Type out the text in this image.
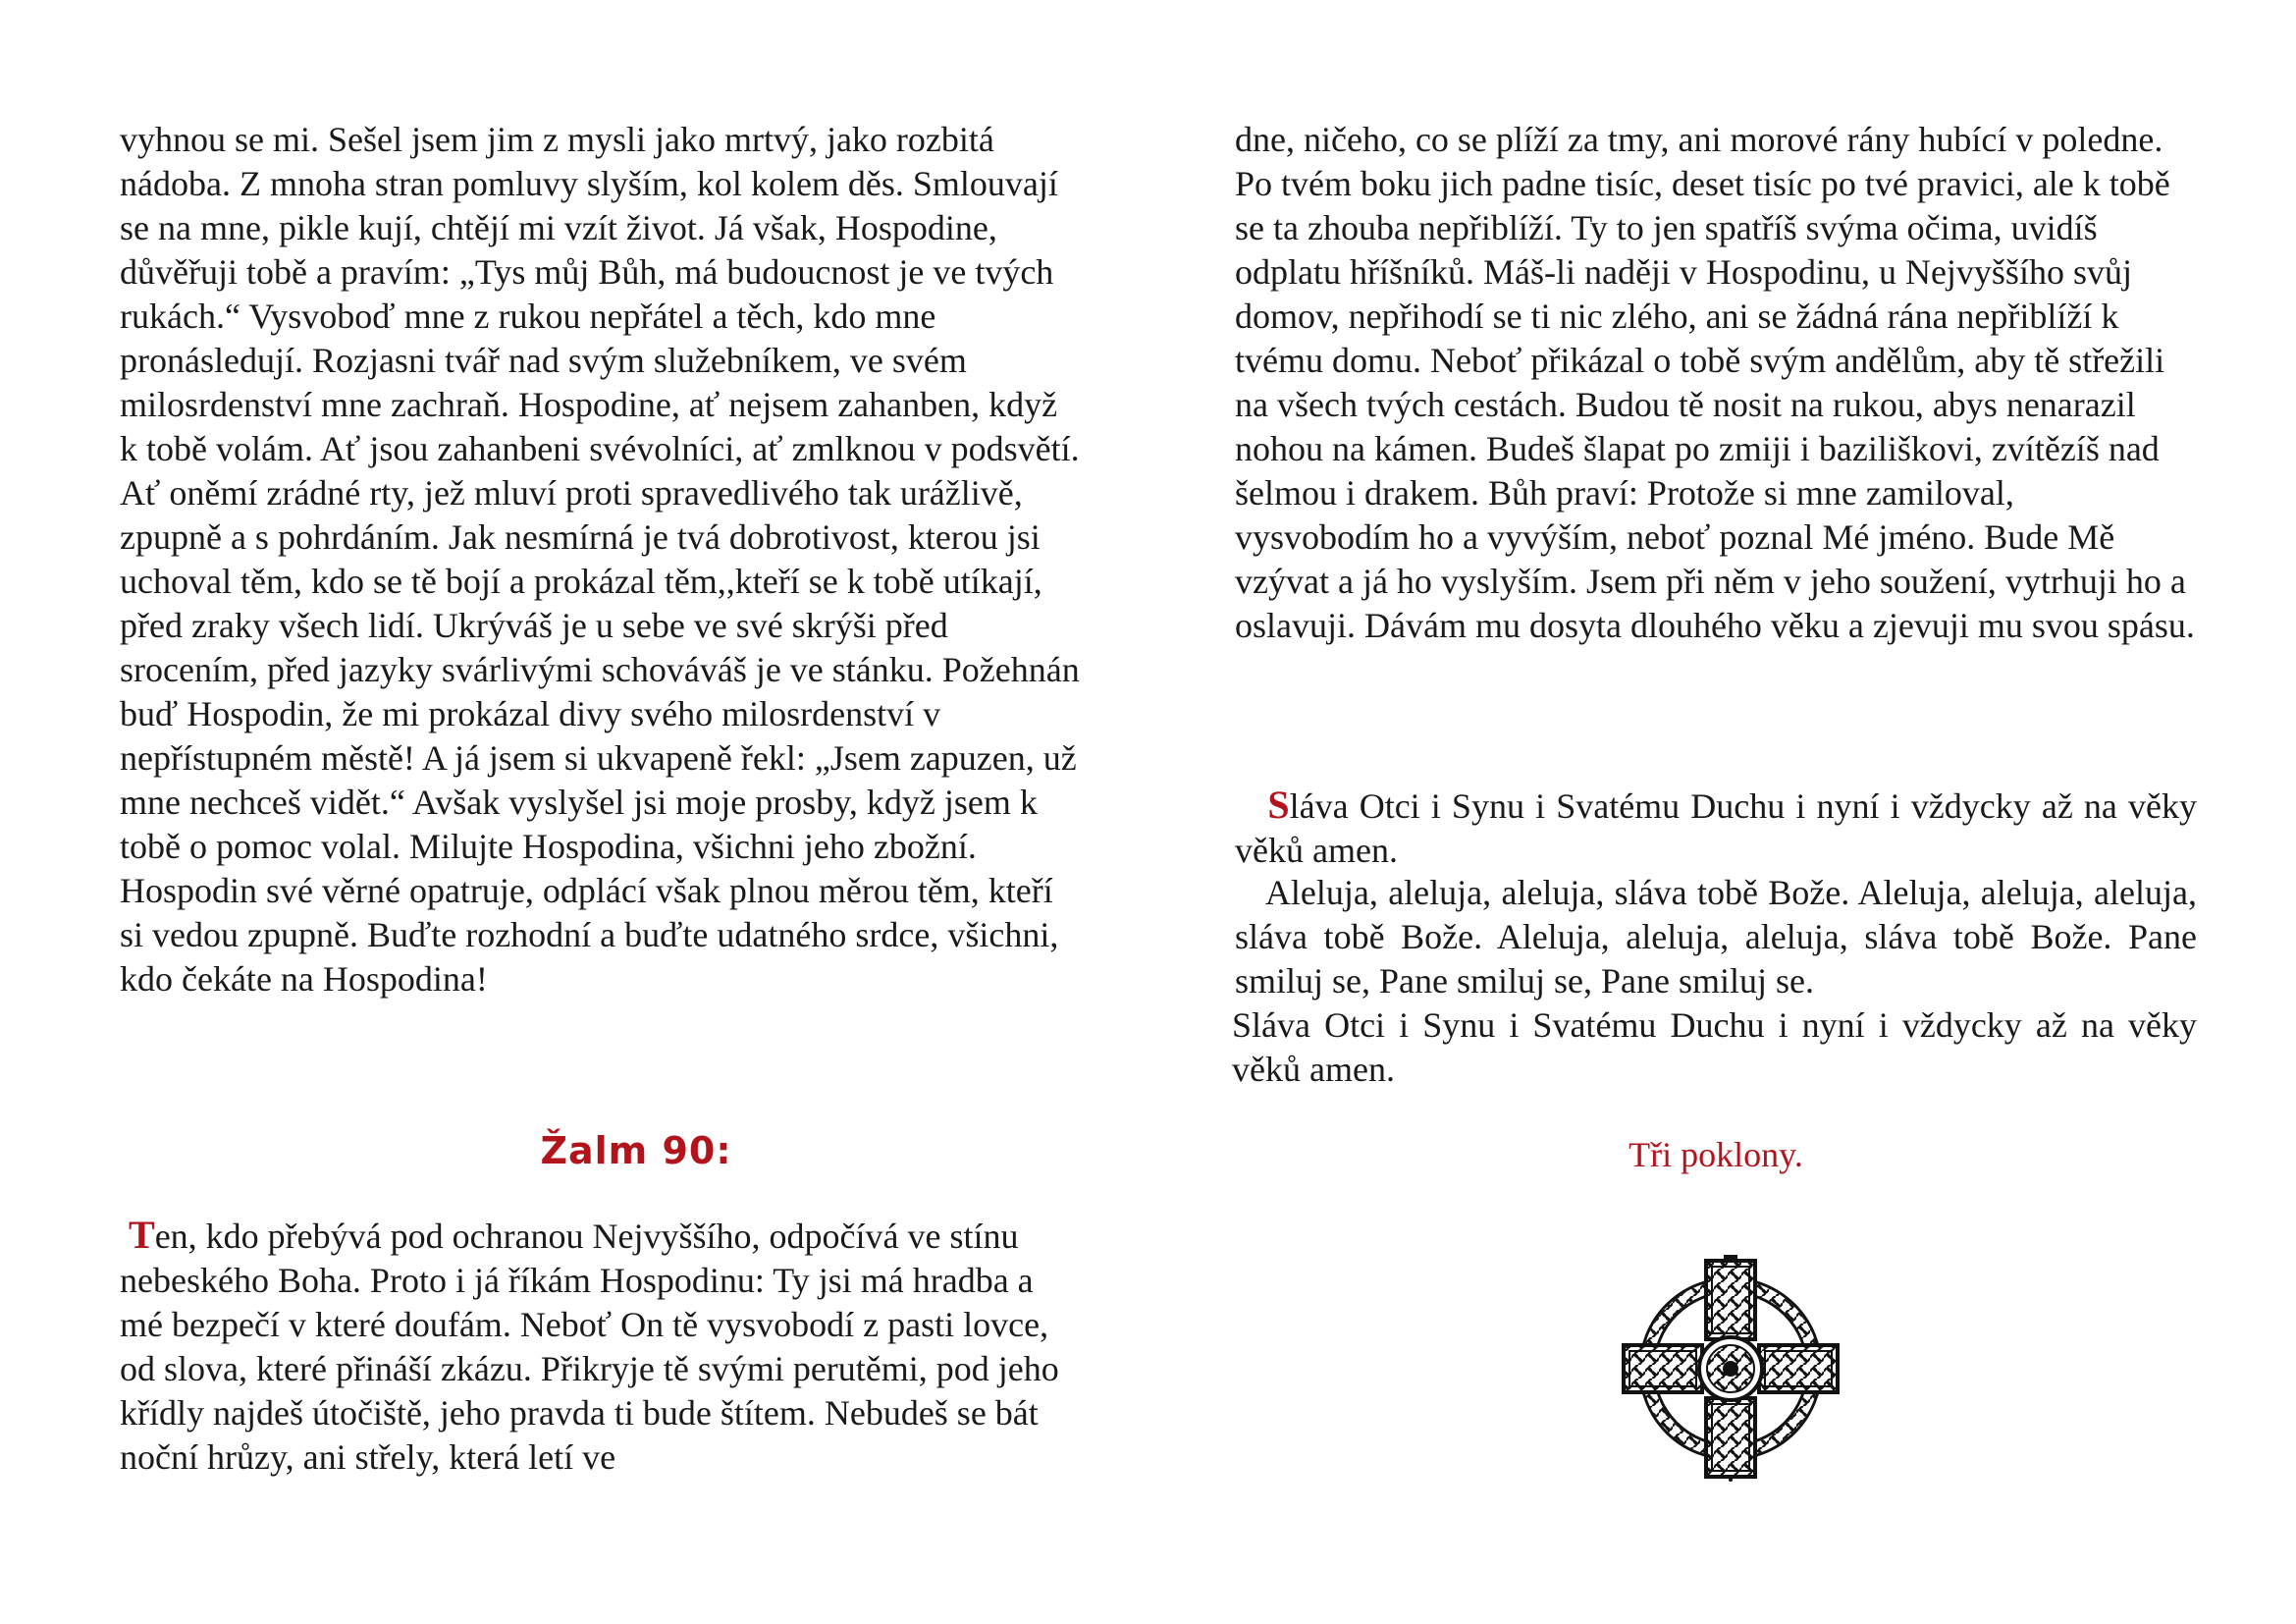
vyhnou se mi. Sešel jsem jim z mysli jako mrtvý, jako rozbitá nádoba. Z mnoha stran pomluvy slyším, kol kolem děs. Smlouvají se na mne, pikle kují, chtějí mi vzít život. Já však, Hospodine, důvěřuji tobě a pravím: „Tys můj Bůh, má budoucnost je ve tvých rukách.“ Vysvoboď mne z rukou nepřátel a těch, kdo mne pronásledují. Rozjasni tvář nad svým služebníkem, ve svém milosrdenství mne zachraň. Hospodine, ať nejsem zahanben, když k tobě volám. Ať jsou zahanbeni svévolníci, ať zmlknou v podsvětí. Ať oněmí zrádné rty, jež mluví proti spravedlivého tak urážlivě, zpupně a s pohrdáním. Jak nesmírná je tvá dobrotivost, kterou jsi uchoval těm, kdo se tě bojí a prokázal těm,,kteří se k tobě utíkají, před zraky všech lidí. Ukrýváš je u sebe ve své skrýši před srocením, před jazyky svárlivými schováváš je ve stánku. Požehnán buď Hospodin, že mi prokázal divy svého milosrdenství v nepřístupném městě! A já jsem si ukvapeně řekl: „Jsem zapuzen, už mne nechceš vidět.“ Avšak vyslyšel jsi moje prosby, když jsem k tobě o pomoc volal. Milujte Hospodina, všichni jeho zbožní. Hospodin své věrné opatruje, odplácí však plnou měrou těm, kteří si vedou zpupně. Buďte rozhodní a buďte udatného srdce, všichni, kdo čekáte na Hospodina!

Žalm 90:

Ten, kdo přebývá pod ochranou Nejvyššího, odpočívá ve stínu nebeského Boha. Proto i já říkám Hospodinu: Ty jsi má hradba a mé bezpečí v které doufám. Neboť On tě vysvobodí z pasti lovce, od slova, které přináší zkázu. Přikryje tě svými perutěmi, pod jeho křídly najdeš útočiště, jeho pravda ti bude štítem. Nebudeš se bát noční hrůzy, ani střely, která letí ve

dne, ničeho, co se plíží za tmy, ani morové rány hubící v poledne. Po tvém boku jich padne tisíc, deset tisíc po tvé pravici, ale k tobě se ta zhouba nepřiblíží. Ty to jen spatříš svýma očima, uvidíš odplatu hříšníků. Máš-li naději v Hospodinu, u Nejvyššího svůj domov, nepřihodí se ti nic zlého, ani se žádná rána nepřiblíží k tvému domu. Neboť přikázal o tobě svým andělům, aby tě střežili na všech tvých cestách. Budou tě nosit na rukou, abys nenarazil nohou na kámen. Budeš šlapat po zmiji i baziliškovi, zvítězíš nad šelmou i drakem. Bůh praví: Protože si mne zamiloval, vysvobodím ho a vyvýším, neboť poznal Mé jméno. Bude Mě vzývat a já ho vyslyším. Jsem při něm v jeho soužení, vytrhuji ho a oslavuji. Dávám mu dosyta dlouhého věku a zjevuji mu svou spásu.

Sláva Otci i Synu i Svatému Duchu i nyní i vždycky až na věky věků amen.

Aleluja, aleluja, aleluja, sláva tobě Bože. Aleluja, aleluja, aleluja, sláva tobě Bože. Aleluja, aleluja, aleluja, sláva tobě Bože. Pane smiluj se, Pane smiluj se, Pane smiluj se.

Sláva Otci i Synu i Svatému Duchu i nyní i vždycky až na věky věků amen.

Tři poklony.
